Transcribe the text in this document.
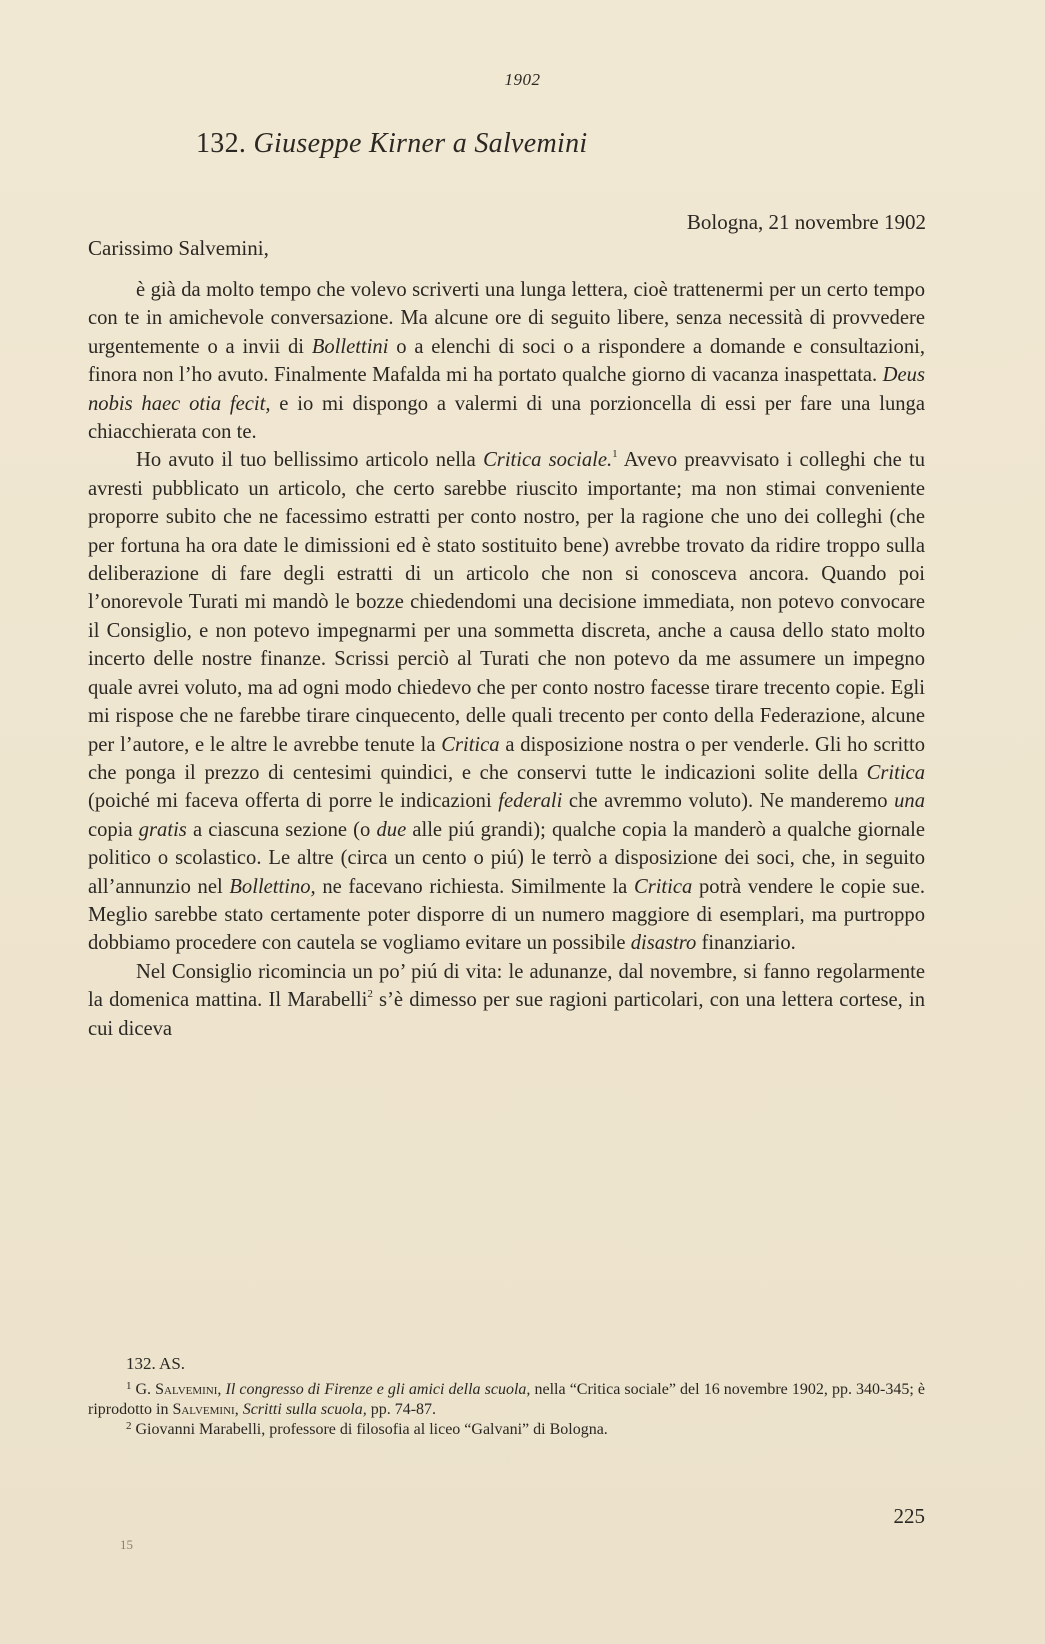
1902
132. Giuseppe Kirner a Salvemini
Bologna, 21 novembre 1902
Carissimo Salvemini,

è già da molto tempo che volevo scriverti una lunga lettera, cioè trattenermi per un certo tempo con te in amichevole conversazione. Ma alcune ore di seguito libere, senza necessità di provvedere urgentemente o a invii di Bollettini o a elenchi di soci o a rispondere a domande e consultazioni, finora non l’ho avuto. Finalmente Mafalda mi ha portato qualche giorno di vacanza inaspettata. Deus nobis haec otia fecit, e io mi dispongo a valermi di una porzioncella di essi per fare una lunga chiacchierata con te.

Ho avuto il tuo bellissimo articolo nella Critica sociale.$^1$ Avevo preavvisato i colleghi che tu avresti pubblicato un articolo, che certo sarebbe riuscito importante; ma non stimai conveniente proporre subito che ne facessimo estratti per conto nostro, per la ragione che uno dei colleghi (che per fortuna ha ora date le dimissioni ed è stato sostituito bene) avrebbe trovato da ridire troppo sulla deliberazione di fare degli estratti di un articolo che non si conosceva ancora. Quando poi l’onorevole Turati mi mandò le bozze chiedendomi una decisione immediata, non potevo convocare il Consiglio, e non potevo impegnarmi per una sommetta discreta, anche a causa dello stato molto incerto delle nostre finanze. Scrissi perciò al Turati che non potevo da me assumere un impegno quale avrei voluto, ma ad ogni modo chiedevo che per conto nostro facesse tirare trecento copie. Egli mi rispose che ne farebbe tirare cinquecento, delle quali trecento per conto della Federazione, alcune per l’autore, e le altre le avrebbe tenute la Critica a disposizione nostra o per venderle. Gli ho scritto che ponga il prezzo di centesimi quindici, e che conservi tutte le indicazioni solite della Critica (poiché mi faceva offerta di porre le indicazioni federali che avremmo voluto). Ne manderemo una copia gratis a ciascuna sezione (o due alle piú grandi); qualche copia la manderò a qualche giornale politico o scolastico. Le altre (circa un cento o piú) le terrò a disposizione dei soci, che, in seguito all’annunzio nel Bollettino, ne facevano richiesta. Similmente la Critica potrà vendere le copie sue. Meglio sarebbe stato certamente poter disporre di un numero maggiore di esemplari, ma purtroppo dobbiamo procedere con cautela se vogliamo evitare un possibile disastro finanziario.

Nel Consiglio ricomincia un po’ piú di vita: le adunanze, dal novembre, si fanno regolarmente la domenica mattina. Il Marabelli$^2$ s’è dimesso per sue ragioni particolari, con una lettera cortese, in cui diceva

132. AS.

$^1$ G. Salvemini, Il congresso di Firenze e gli amici della scuola, nella “Critica sociale” del 16 novembre 1902, pp. 340-345; è riprodotto in Salvemini, Scritti sulla scuola, pp. 74-87.

$^2$ Giovanni Marabelli, professore di filosofia al liceo “Galvani” di Bologna.

225
15
